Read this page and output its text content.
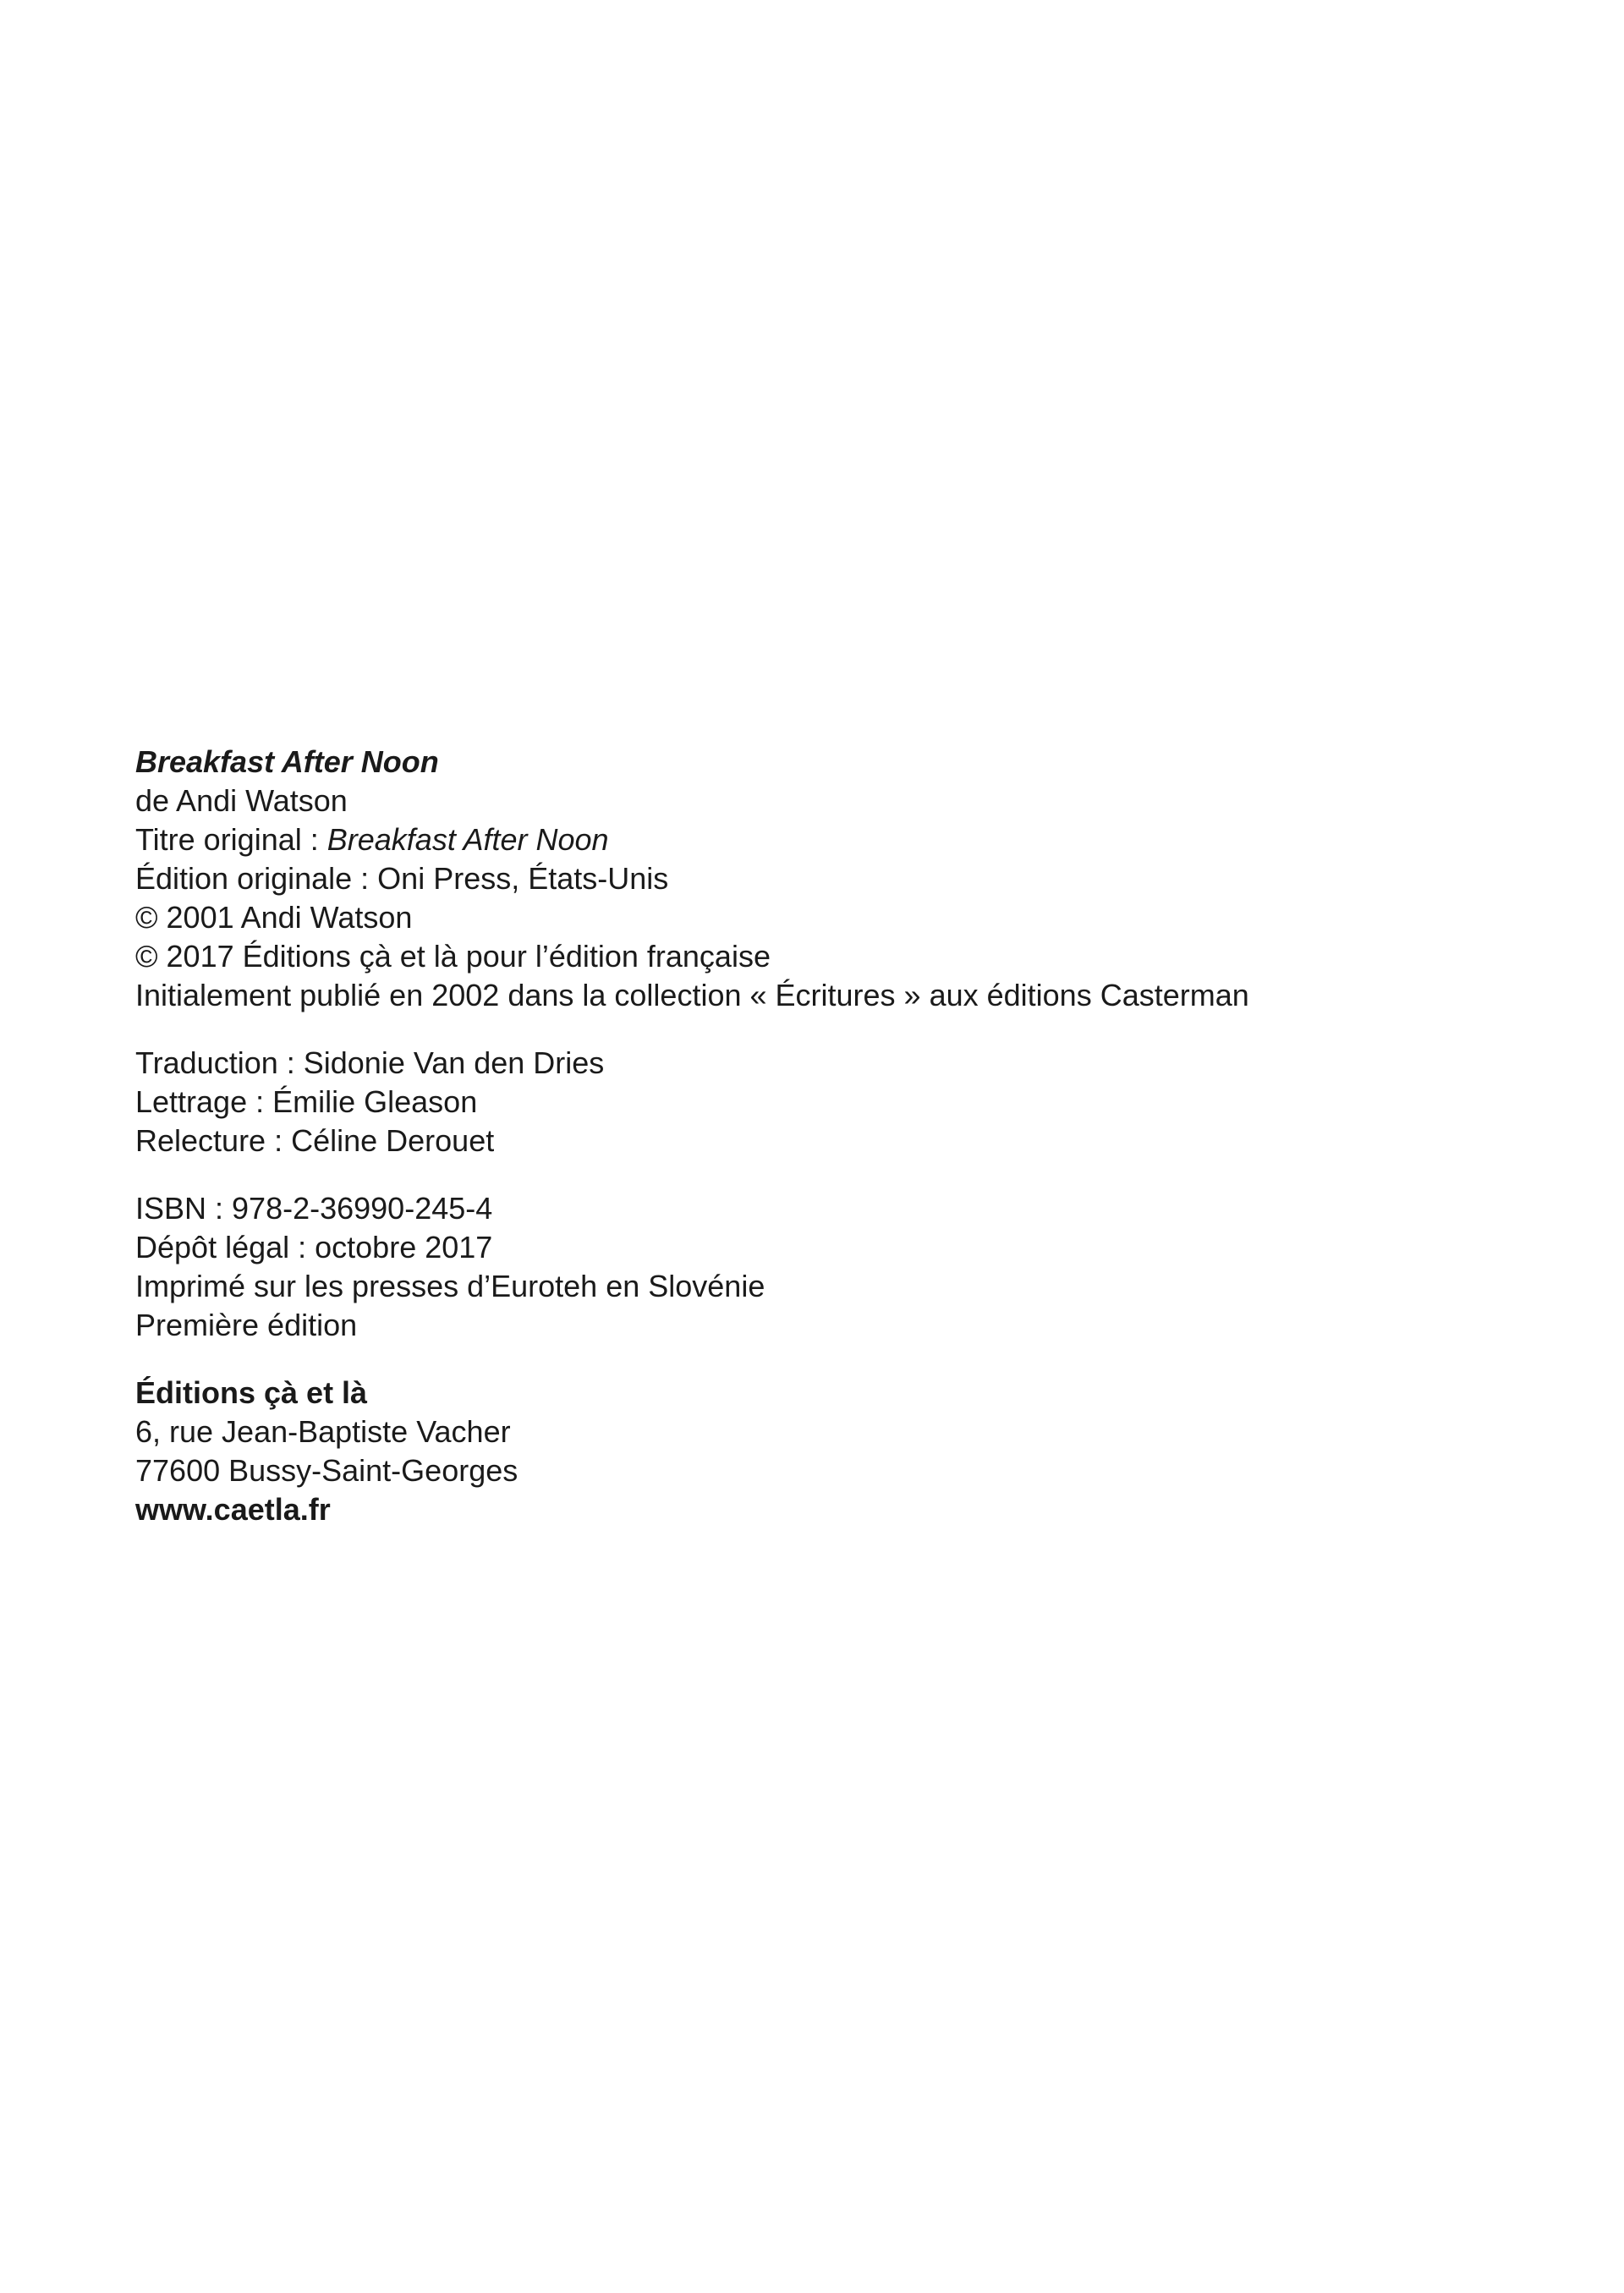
Breakfast After Noon
de Andi Watson
Titre original : Breakfast After Noon
Édition originale : Oni Press, États-Unis
© 2001 Andi Watson
© 2017 Éditions çà et là pour l’édition française
Initialement publié en 2002 dans la collection « Écritures » aux éditions Casterman
Traduction : Sidonie Van den Dries
Lettrage : Émilie Gleason
Relecture : Céline Derouet
ISBN : 978-2-36990-245-4
Dépôt légal : octobre 2017
Imprimé sur les presses d’Euroteh en Slovénie
Première édition
Éditions çà et là
6, rue Jean-Baptiste Vacher
77600 Bussy-Saint-Georges
www.caetla.fr
